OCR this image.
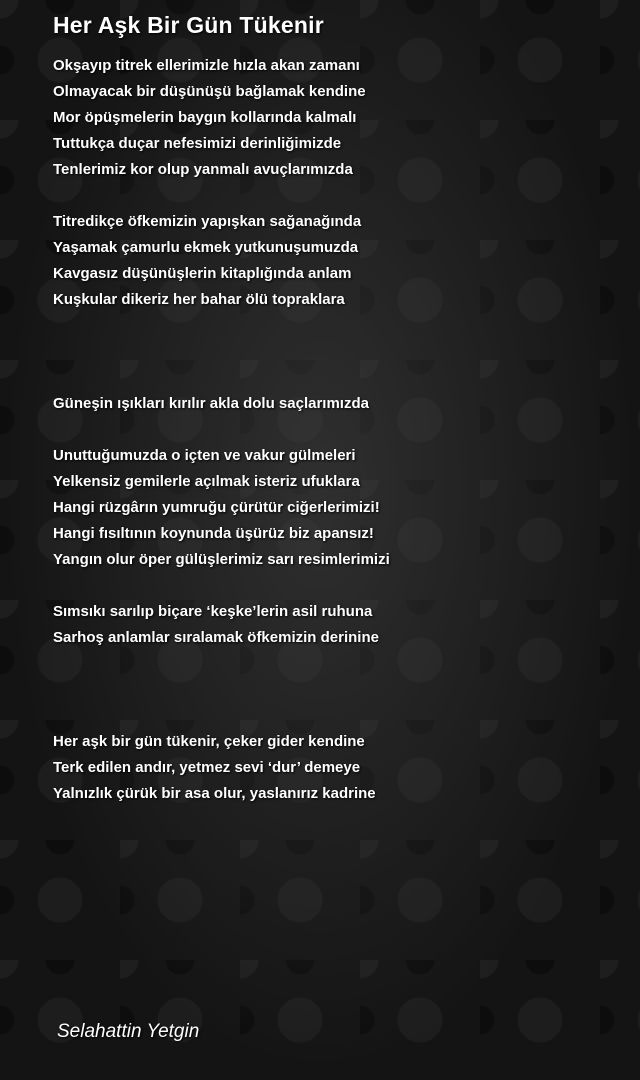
Her Aşk Bir Gün Tükenir
Okşayıp titrek ellerimizle hızla akan zamanı
Olmayacak bir düşünüşü bağlamak kendine
Mor öpüşmelerin baygın kollarında kalmalı
Tuttukça duçar nefesimizi derinliğimizde
Tenlerimiz kor olup yanmalı avuçlarımızda
Titredikçe öfkemizin yapışkan sağanağında
Yaşamak çamurlu ekmek yutkunuşumuzda
Kavgasız düşünüşlerin kitaplığında anlam
Kuşkular dikeriz her bahar ölü topraklara
Güneşin ışıkları kırılır akla dolu saçlarımızda
Unuttuğumuzda o içten ve vakur gülmeleri
Yelkensiz gemilerle açılmak isteriz ufuklara
Hangi rüzgârın yumruğu çürütür ciğerlerimizi!
Hangi fısıltının koynunda üşürüz biz apansız!
Yangın olur öper gülüşlerimiz sarı resimlerimizi
Sımsıkı sarılıp biçare ‘keşke’lerin asil ruhuna
Sarhoş anlamlar sıralamak öfkemizin derinine
Her aşk bir gün tükenir, çeker gider kendine
Terk edilen andır, yetmez sevi ‘dur’ demeye
Yalnızlık çürük bir asa olur, yaslanırız kadrine
Selahattin Yetgin
